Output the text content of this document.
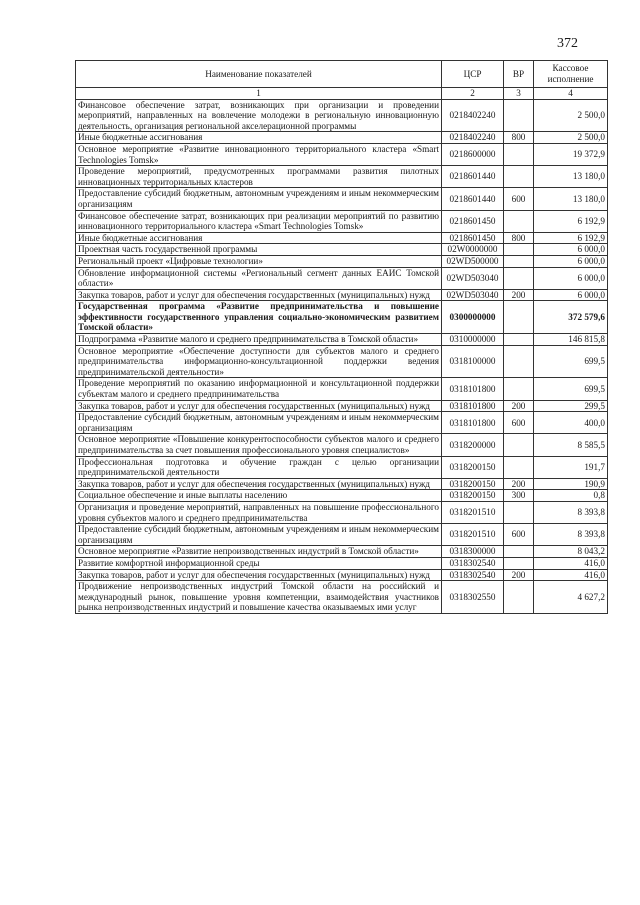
372
Наименование показателей	ЦСР	ВР	Кассовое исполнение
1	2	3	4
Финансовое обеспечение затрат, возникающих при организации и проведении мероприятий, направленных на вовлечение молодежи в региональную инновационную деятельность, организация региональной акселерационной программы	0218402240		2 500,0
Иные бюджетные ассигнования	0218402240	800	2 500,0
Основное мероприятие «Развитие инновационного территориального кластера «Smart Technologies Tomsk»	0218600000		19 372,9
Проведение мероприятий, предусмотренных программами развития пилотных инновационных территориальных кластеров	0218601440		13 180,0
Предоставление субсидий бюджетным, автономным учреждениям и иным некоммерческим организациям	0218601440	600	13 180,0
Финансовое обеспечение затрат, возникающих при реализации мероприятий по развитию инновационного территориального кластера «Smart Technologies Tomsk»	0218601450		6 192,9
Иные бюджетные ассигнования	0218601450	800	6 192,9
Проектная часть государственной программы	02W0000000		6 000,0
Региональный проект «Цифровые технологии»	02WD500000		6 000,0
Обновление информационной системы «Региональный сегмент данных ЕАИС Томской области»	02WD503040		6 000,0
Закупка товаров, работ и услуг для обеспечения государственных (муниципальных) нужд	02WD503040	200	6 000,0
Государственная программа «Развитие предпринимательства и повышение эффективности государственного управления социально-экономическим развитием Томской области»	0300000000		372 579,6
Подпрограмма «Развитие малого и среднего предпринимательства в Томской области»	0310000000		146 815,8
Основное мероприятие «Обеспечение доступности для субъектов малого и среднего предпринимательства информационно-консультационной поддержки ведения предпринимательской деятельности»	0318100000		699,5
Проведение мероприятий по оказанию информационной и консультационной поддержки субъектам малого и среднего предпринимательства	0318101800		699,5
Закупка товаров, работ и услуг для обеспечения государственных (муниципальных) нужд	0318101800	200	299,5
Предоставление субсидий бюджетным, автономным учреждениям и иным некоммерческим организациям	0318101800	600	400,0
Основное мероприятие «Повышение конкурентоспособности субъектов малого и среднего предпринимательства за счет повышения профессионального уровня специалистов»	0318200000		8 585,5
Профессиональная подготовка и обучение граждан с целью организации предпринимательской деятельности	0318200150		191,7
Закупка товаров, работ и услуг для обеспечения государственных (муниципальных) нужд	0318200150	200	190,9
Социальное обеспечение и иные выплаты населению	0318200150	300	0,8
Организация и проведение мероприятий, направленных на повышение профессионального уровня субъектов малого и среднего предпринимательства	0318201510		8 393,8
Предоставление субсидий бюджетным, автономным учреждениям и иным некоммерческим организациям	0318201510	600	8 393,8
Основное мероприятие «Развитие непроизводственных индустрий в Томской области»	0318300000		8 043,2
Развитие комфортной информационной среды	0318302540		416,0
Закупка товаров, работ и услуг для обеспечения государственных (муниципальных) нужд	0318302540	200	416,0
Продвижение непроизводственных индустрий Томской области на российский и международный рынок, повышение уровня компетенции, взаимодействия участников рынка непроизводственных индустрий и повышение качества оказываемых ими услуг	0318302550		4 627,2
